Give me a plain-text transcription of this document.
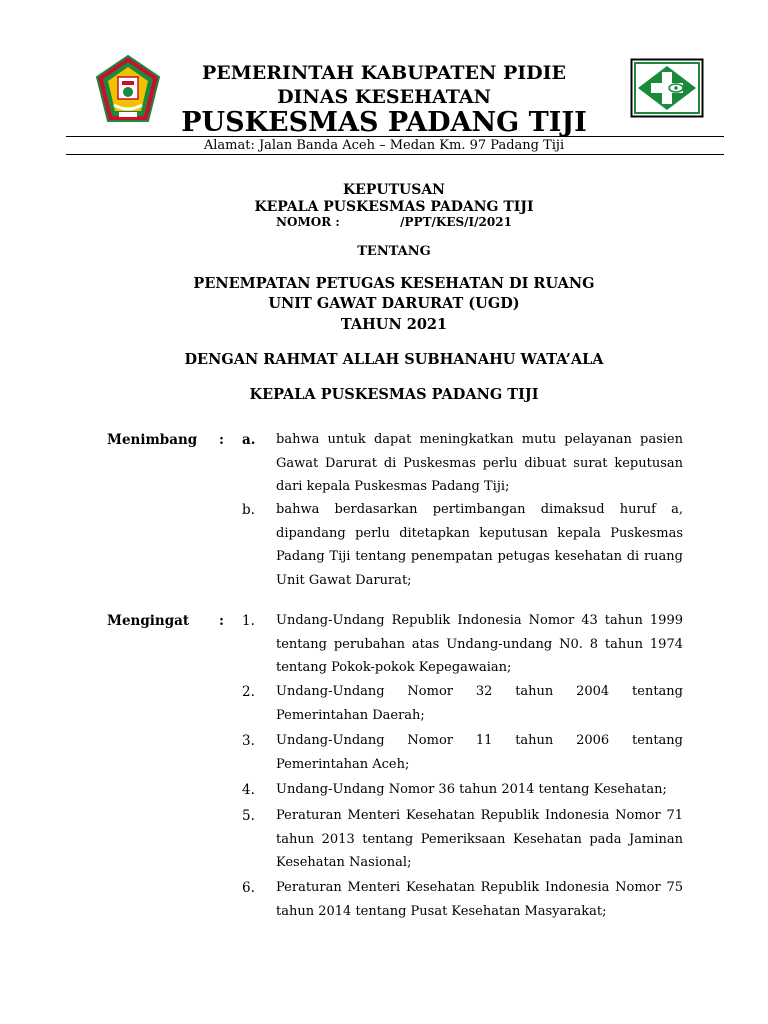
PEMERINTAH KABUPATEN PIDIE
DINAS KESEHATAN
PUSKESMAS PADANG TIJI
Alamat: Jalan Banda Aceh – Medan Km. 97 Padang Tiji
KEPUTUSAN
KEPALA PUSKESMAS PADANG TIJI
NOMOR :	/PPT/KES/I/2021
TENTANG
PENEMPATAN PETUGAS KESEHATAN DI RUANG
UNIT GAWAT DARURAT (UGD)
TAHUN 2021
DENGAN RAHMAT ALLAH SUBHANAHU WATA’ALA
KEPALA PUSKESMAS PADANG TIJI
Menimbang : a. bahwa untuk dapat meningkatkan mutu pelayanan pasien Gawat Darurat di Puskesmas perlu dibuat surat keputusan dari kepala Puskesmas Padang Tiji;
b. bahwa berdasarkan pertimbangan dimaksud huruf a, dipandang perlu ditetapkan keputusan kepala Puskesmas Padang Tiji tentang penempatan petugas kesehatan di ruang Unit Gawat Darurat;
Mengingat : 1. Undang-Undang Republik Indonesia Nomor 43 tahun 1999 tentang perubahan atas Undang-undang N0. 8 tahun 1974 tentang Pokok-pokok Kepegawaian;
2. Undang-Undang Nomor 32 tahun 2004 tentang Pemerintahan Daerah;
3. Undang-Undang Nomor 11 tahun 2006 tentang Pemerintahan Aceh;
4. Undang-Undang Nomor 36 tahun 2014 tentang Kesehatan;
5. Peraturan Menteri Kesehatan Republik Indonesia Nomor 71 tahun 2013 tentang Pemeriksaan Kesehatan pada Jaminan Kesehatan Nasional;
6. Peraturan Menteri Kesehatan Republik Indonesia Nomor 75 tahun 2014 tentang Pusat Kesehatan Masyarakat;
